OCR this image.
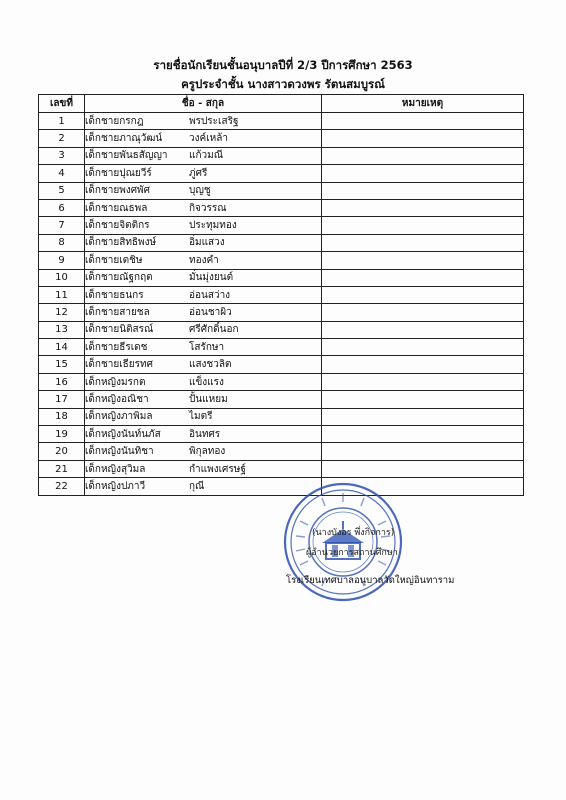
รายชื่อนักเรียนชั้นอนุบาลปีที่ 2/3 ปีการศึกษา 2563
ครูประจำชั้น นางสาวดวงพร รัตนสมบูรณ์
เลขที่	ชื่อ - สกุล	หมายเหตุ
1	เด็กชายกรกฎ พรประเสริฐ	
2	เด็กชายภาณุวัฒน์ วงค์เหล้า	
3	เด็กชายพันธสัญญา แก้วมณี	
4	เด็กชายปุณยวีร์ ภู่ศรี	
5	เด็กชายพงศพัศ บุญชู	
6	เด็กชายณธพล กิจวรรณ	
7	เด็กชายจิตติกร ประทุมทอง	
8	เด็กชายสิทธิพงษ์ อิ่มแสวง	
9	เด็กชายเตชิษ ทองคำ	
10	เด็กชายณัฐกฤต มั่นมุ่งยนต์	
11	เด็กชายธนกร อ่อนสว่าง	
12	เด็กชายสายชล อ่อนชาผิว	
13	เด็กชายนิติสรณ์ ศรีศักดิ์นอก	
14	เด็กชายธีรเดช โสรักษา	
15	เด็กชายเธียรทศ แสงชวลิต	
16	เด็กหญิงมรกต แข็งแรง	
17	เด็กหญิงอณิชา ปั้นแหยม	
18	เด็กหญิงภาพิมล ไมตรี	
19	เด็กหญิงนันท์นภัส อินทศร	
20	เด็กหญิงนันทิชา พิกุลทอง	
21	เด็กหญิงสุวิมล กำแพงเศรษฐ์	
22	เด็กหญิงปภาวี กุณี	
(นางบังอร พึ่งกิจการ)
ผู้อำนวยการสถานศึกษา
โรงเรียนเทศบาลอนุบาลวัดใหญ่อินทาราม
